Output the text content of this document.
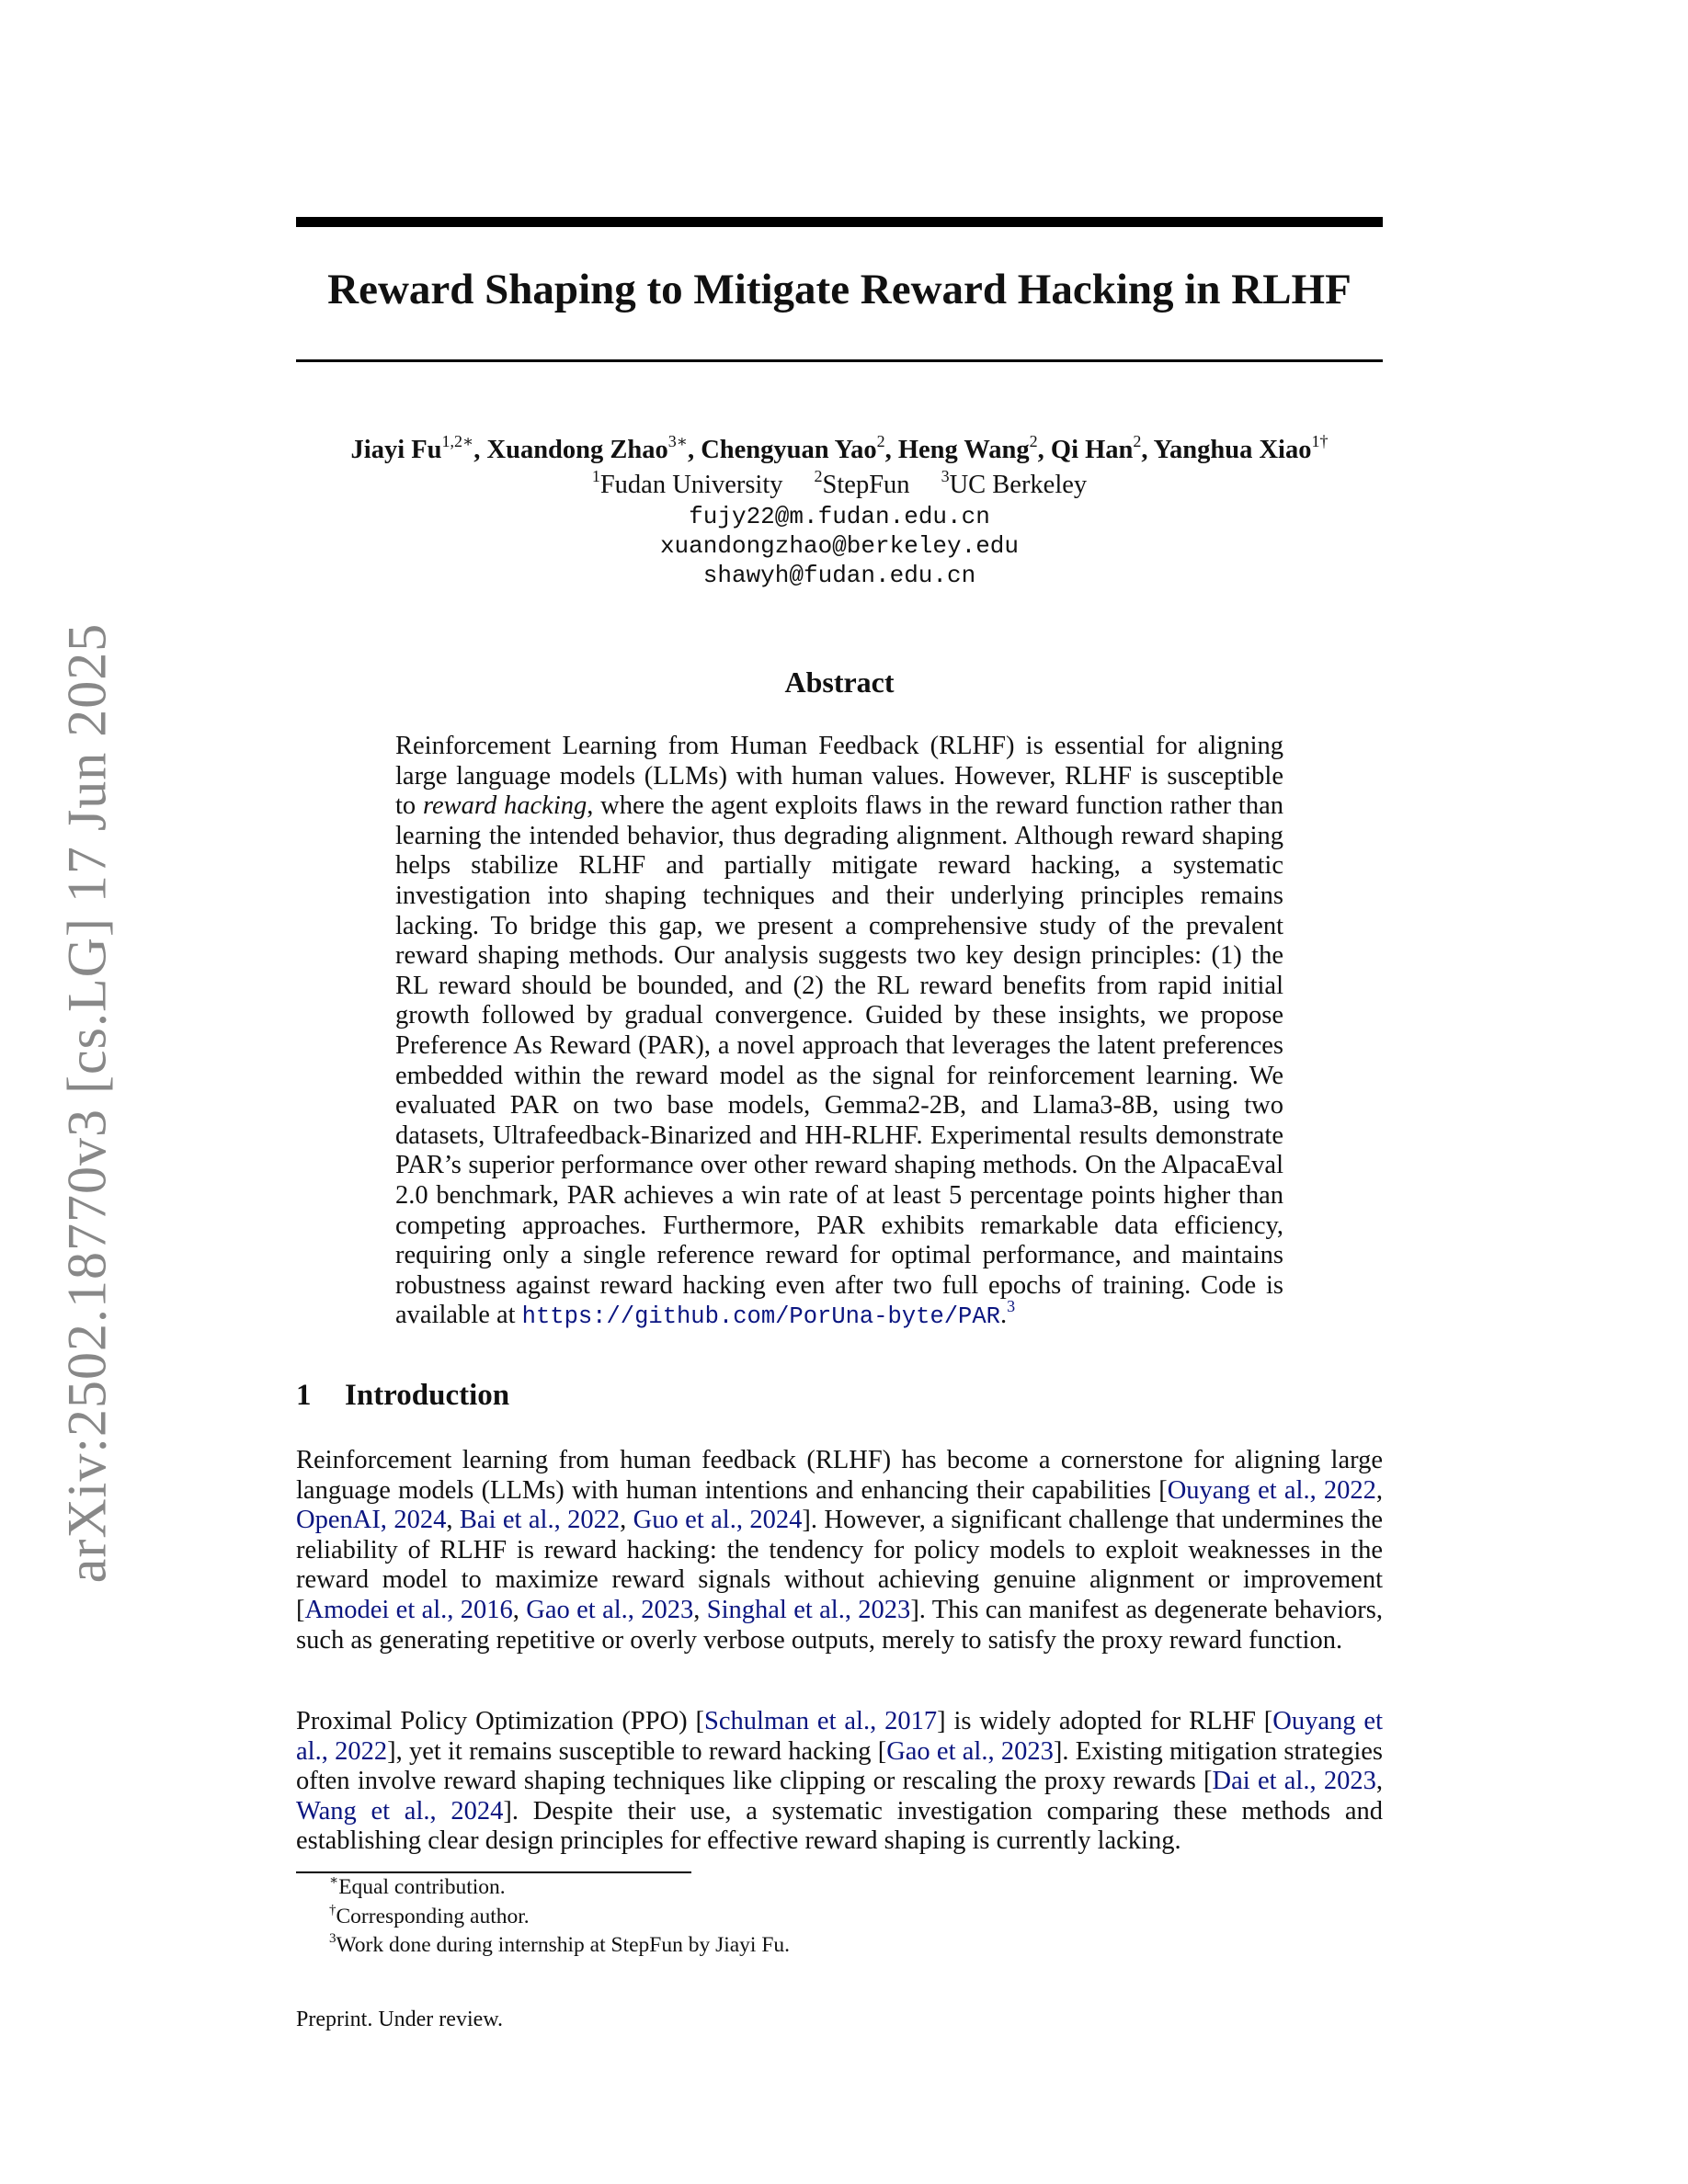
arXiv:2502.18770v3 [cs.LG] 17 Jun 2025
Reward Shaping to Mitigate Reward Hacking in RLHF
Jiayi $Fu^{1,2∗}$, Xuandong Zhao$^{3∗}$, Chengyuan Yao$^2$, Heng Wang$^2$, Qi Han$^2$, Yanghua Xiao$^{1\dagger}$
$^1$Fudan University $^2$StepFun $^3$UC Berkeley
fujy22@m.fudan.edu.cn
xuandongzhao@berkeley.edu
shawyh@fudan.edu.cn
Abstract
Reinforcement Learning from Human Feedback (RLHF) is essential for aligning large language models (LLMs) with human values. However, RLHF is susceptible to reward hacking, where the agent exploits flaws in the reward function rather than learning the intended behavior, thus degrading alignment. Although reward shaping helps stabilize RLHF and partially mitigate reward hacking, a systematic investigation into shaping techniques and their underlying principles remains lacking. To bridge this gap, we present a comprehensive study of the prevalent reward shaping methods. Our analysis suggests two key design principles: (1) the RL reward should be bounded, and (2) the RL reward benefits from rapid initial growth followed by gradual convergence. Guided by these insights, we propose Preference As Reward (PAR), a novel approach that leverages the latent preferences embedded within the reward model as the signal for reinforcement learning. We evaluated PAR on two base models, Gemma2-2B, and Llama3-8B, using two datasets, Ultrafeedback-Binarized and HH-RLHF. Experimental results demonstrate PAR’s superior performance over other reward shaping methods. On the AlpacaEval 2.0 benchmark, PAR achieves a win rate of at least 5 percentage points higher than competing approaches. Furthermore, PAR exhibits remarkable data efficiency, requiring only a single reference reward for optimal performance, and maintains robustness against reward hacking even after two full epochs of training. Code is available at https://github.com/PorUna-byte/PAR.$^3$
1 Introduction
Reinforcement learning from human feedback (RLHF) has become a cornerstone for aligning large language models (LLMs) with human intentions and enhancing their capabilities [Ouyang et al., 2022, OpenAI, 2024, Bai et al., 2022, Guo et al., 2024]. However, a significant challenge that undermines the reliability of RLHF is reward hacking: the tendency for policy models to exploit weaknesses in the reward model to maximize reward signals without achieving genuine alignment or improvement [Amodei et al., 2016, Gao et al., 2023, Singhal et al., 2023]. This can manifest as degenerate behaviors, such as generating repetitive or overly verbose outputs, merely to satisfy the proxy reward function.
Proximal Policy Optimization (PPO) [Schulman et al., 2017] is widely adopted for RLHF [Ouyang et al., 2022], yet it remains susceptible to reward hacking [Gao et al., 2023]. Existing mitigation strategies often involve reward shaping techniques like clipping or rescaling the proxy rewards [Dai et al., 2023, Wang et al., 2024]. Despite their use, a systematic investigation comparing these methods and establishing clear design principles for effective reward shaping is currently lacking.
∗Equal contribution.
†Corresponding author.
$^3$Work done during internship at StepFun by Jiayi Fu.
Preprint. Under review.
